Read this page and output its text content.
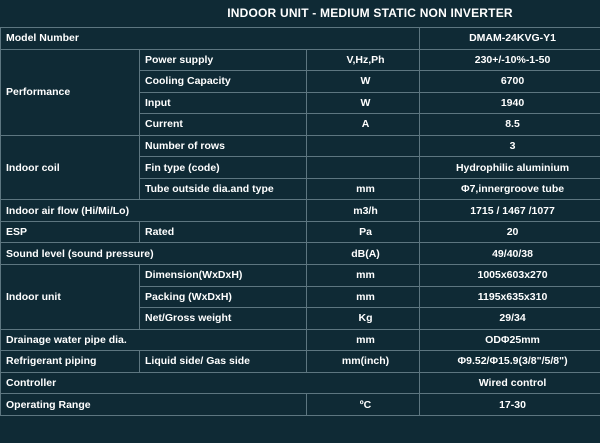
INDOOR UNIT - MEDIUM STATIC NON INVERTER
Model Number			DMAM-24KVG-Y1
Performance	Power supply	V,Hz,Ph	230+/-10%-1-50
	Cooling Capacity	W	6700
	Input	W	1940
	Current	A	8.5
Indoor coil	Number of rows		3
	Fin type (code)		Hydrophilic aluminium
	Tube outside dia.and type	mm	Φ7,innergroove tube
Indoor air flow (Hi/Mi/Lo)		m3/h	1715 / 1467 /1077
ESP	Rated	Pa	20
Sound level (sound pressure)		dB(A)	49/40/38
Indoor unit	Dimension(WxDxH)	mm	1005x603x270
	Packing (WxDxH)	mm	1195x635x310
	Net/Gross weight	Kg	29/34
Drainage water pipe dia.		mm	ODΦ25mm
Refrigerant piping	Liquid side/ Gas side	mm(inch)	Φ9.52/Φ15.9(3/8"/5/8")
Controller			Wired control
Operating Range		ºC	17-30
